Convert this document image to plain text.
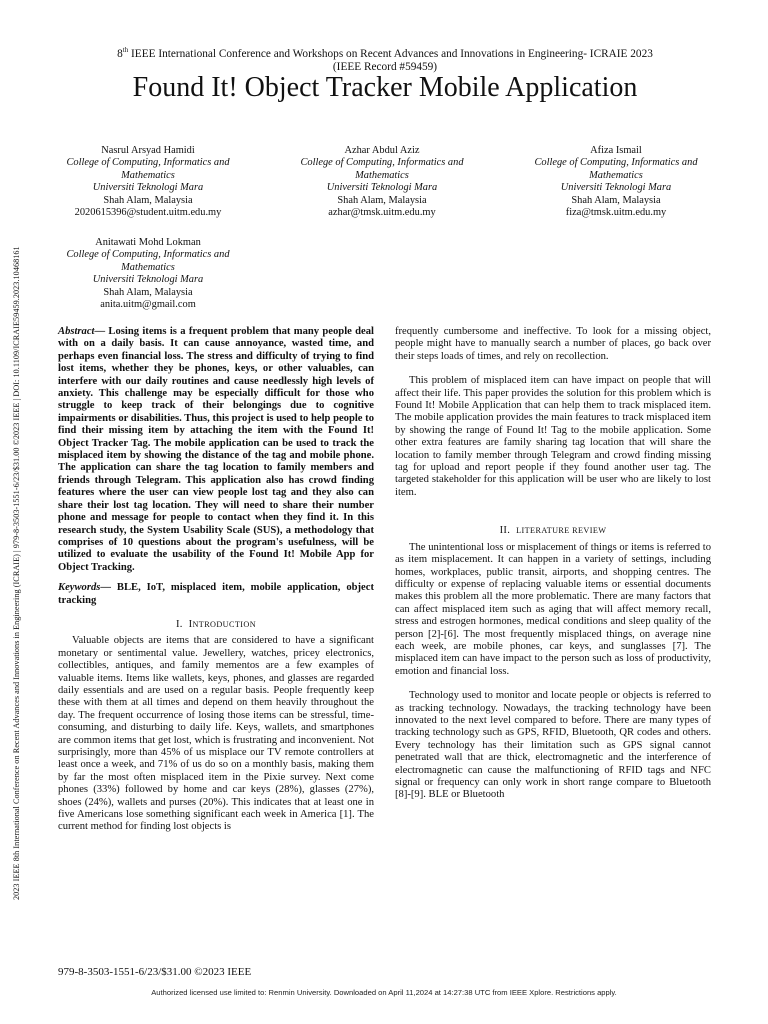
2023 IEEE 8th International Conference on Recent Advances and Innovations in Engineering (ICRAIE) | 979-8-3503-1551-6/23/$31.00 ©2023 IEEE | DOI: 10.1109/ICRAIE59459.2023.10468161
8th IEEE International Conference and Workshops on Recent Advances and Innovations in Engineering- ICRAIE 2023
(IEEE Record #59459)
Found It! Object Tracker Mobile Application
Nasrul Arsyad Hamidi
College of Computing, Informatics and
Mathematics
Universiti Teknologi Mara
Shah Alam, Malaysia
2020615396@student.uitm.edu.my
Azhar Abdul Aziz
College of Computing, Informatics and
Mathematics
Universiti Teknologi Mara
Shah Alam, Malaysia
azhar@tmsk.uitm.edu.my
Afiza Ismail
College of Computing, Informatics and
Mathematics
Universiti Teknologi Mara
Shah Alam, Malaysia
fiza@tmsk.uitm.edu.my
Anitawati Mohd Lokman
College of Computing, Informatics and
Mathematics
Universiti Teknologi Mara
Shah Alam, Malaysia
anita.uitm@gmail.com

Abstract— Losing items is a frequent problem that many people deal with on a daily basis. It can cause annoyance, wasted time, and perhaps even financial loss. The stress and difficulty of trying to find lost items, whether they be phones, keys, or other valuables, can interfere with our daily routines and cause needlessly high levels of anxiety. This challenge may be especially difficult for those who struggle to keep track of their belongings due to cognitive impairments or disabilities. Thus, this project is used to help people to find their missing item by attaching the item with the Found It! Object Tracker Tag. The mobile application can be used to track the misplaced item by showing the distance of the tag and mobile phone. The application can share the tag location to family members and friends through Telegram. This application also has crowd finding features where the user can view people lost tag and they also can share their lost tag location. They will need to share their number phone and message for people to contact when they find it. In this research study, the System Usability Scale (SUS), a methodology that comprises of 10 questions about the program's usefulness, will be utilized to evaluate the usability of the Found It! Mobile App for Object Tracking.

Keywords— BLE, IoT, misplaced item, mobile application, object tracking

I. INTRODUCTION

Valuable objects are items that are considered to have a significant monetary or sentimental value. Jewellery, watches, pricey electronics, collectibles, antiques, and family mementos are a few examples of valuable items. Items like wallets, keys, phones, and glasses are regarded daily essentials and are used on a regular basis. People frequently keep these with them at all times and depend on them heavily throughout the day. The frequent occurrence of losing those items can be stressful, time-consuming, and disturbing to daily life. Keys, wallets, and smartphones are common items that get lost, which is frustrating and inconvenient. Not surprisingly, more than 45% of us misplace our TV remote controllers at least once a week, and 71% of us do so on a monthly basis, making them by far the most often misplaced item in the Pixie survey. Next come phones (33%) followed by home and car keys (28%), glasses (27%), shoes (24%), wallets and purses (20%). This indicates that at least one in five Americans lose something significant each week in America [1]. The current method for finding lost objects is

frequently cumbersome and ineffective. To look for a missing object, people might have to manually search a number of places, go back over their steps loads of times, and rely on recollection.

This problem of misplaced item can have impact on people that will affect their life. This paper provides the solution for this problem which is Found It! Mobile Application that can help them to track misplaced item. The mobile application provides the main features to track misplaced item by showing the range of Found It! Tag to the mobile application. Some other extra features are family sharing tag location that will share the location to family member through Telegram and crowd finding missing tag for upload and report people if they found another user tag. The targeted stakeholder for this application will be user who are likely to lost item.

II. LITERATURE REVIEW

The unintentional loss or misplacement of things or items is referred to as item misplacement. It can happen in a variety of settings, including homes, workplaces, public transit, airports, and shopping centres. The difficulty or expense of replacing valuable items or essential documents makes this problem all the more problematic. There are many factors that can affect misplaced item such as aging that will affect memory recall, stress and estrogen hormones, medical conditions and sleep quality of the person [2]-[6]. The most frequently misplaced things, on average nine each week, are mobile phones, car keys, and sunglasses [7]. The misplaced item can have impact to the person such as loss of productivity, emotion and financial loss.

Technology used to monitor and locate people or objects is referred to as tracking technology. Nowadays, the tracking technology have been innovated to the next level compared to before. There are many types of tracking technology such as GPS, RFID, Bluetooth, QR codes and others. Every technology has their limitation such as GPS signal cannot penetrated wall that are thick, electromagnetic and the interference of electromagnetic can cause the malfunctioning of RFID tags and NFC signal or frequency can only work in short range compare to Bluetooth [8]-[9]. BLE or Bluetooth

979-8-3503-1551-6/23/$31.00 ©2023 IEEE
Authorized licensed use limited to: Renmin University. Downloaded on April 11,2024 at 14:27:38 UTC from IEEE Xplore. Restrictions apply.
